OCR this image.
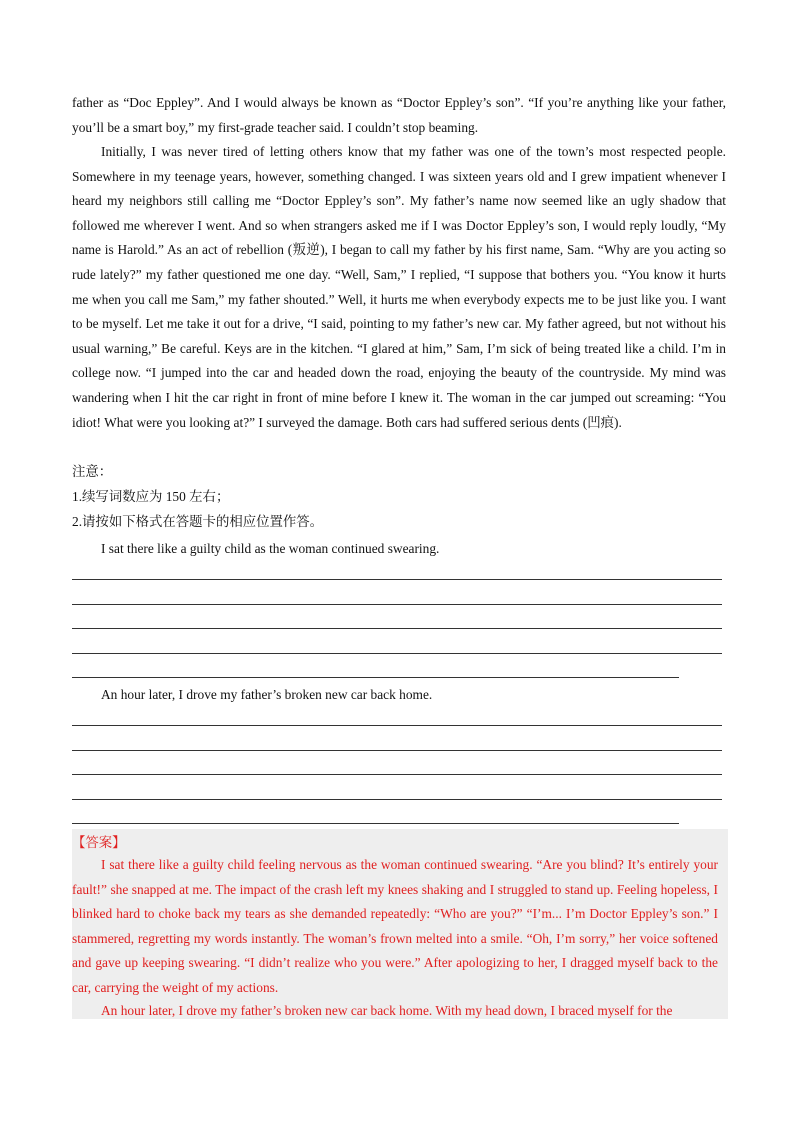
father as “Doc Eppley”. And I would always be known as “Doctor Eppley’s son”. “If you’re anything like your father, you’ll be a smart boy,” my first-grade teacher said. I couldn’t stop beaming.
Initially, I was never tired of letting others know that my father was one of the town’s most respected people. Somewhere in my teenage years, however, something changed. I was sixteen years old and I grew impatient whenever I heard my neighbors still calling me “Doctor Eppley’s son”. My father’s name now seemed like an ugly shadow that followed me wherever I went. And so when strangers asked me if I was Doctor Eppley’s son, I would reply loudly, “My name is Harold.” As an act of rebellion (叛逆), I began to call my father by his first name, Sam. “Why are you acting so rude lately?” my father questioned me one day. “Well, Sam,” I replied, “I suppose that bothers you. “You know it hurts me when you call me Sam,” my father shouted.” Well, it hurts me when everybody expects me to be just like you. I want to be myself. Let me take it out for a drive, “I said, pointing to my father’s new car. My father agreed, but not without his usual warning,” Be careful. Keys are in the kitchen. “I glared at him,” Sam, I’m sick of being treated like a child. I’m in college now. “I jumped into the car and headed down the road, enjoying the beauty of the countryside. My mind was wandering when I hit the car right in front of mine before I knew it. The woman in the car jumped out screaming: “You idiot! What were you looking at?” I surveyed the damage. Both cars had suffered serious dents (凹痕).
注意：
1.续写词数应为 150 左右；
2.请按如下格式在答题卡的相应位置作答。
I sat there like a guilty child as the woman continued swearing.
An hour later, I drove my father’s broken new car back home.
【答案】
I sat there like a guilty child feeling nervous as the woman continued swearing. “Are you blind? It’s entirely your fault!” she snapped at me. The impact of the crash left my knees shaking and I struggled to stand up. Feeling hopeless, I blinked hard to choke back my tears as she demanded repeatedly: “Who are you?” “I’m... I’m Doctor Eppley’s son.” I stammered, regretting my words instantly. The woman’s frown melted into a smile. “Oh, I’m sorry,” her voice softened and gave up keeping swearing. “I didn’t realize who you were.” After apologizing to her, I dragged myself back to the car, carrying the weight of my actions.
An hour later, I drove my father’s broken new car back home. With my head down, I braced myself for the
